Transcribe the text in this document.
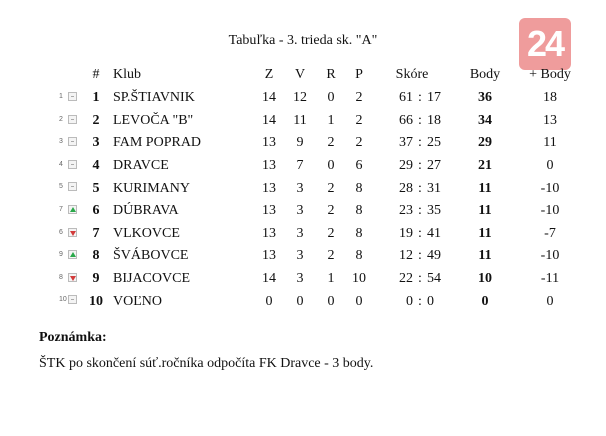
Tabuľka - 3. trieda sk. "A"	24
	#	Klub	Z	V	R	P	Skóre			Body	+ Body

1	1	SP.ŠTIAVNIK	14	12	0	2	61	:	17	36	18

2	2	LEVOČA "B"	14	11	1	2	66	:	18	34	13

3	3	FAM POPRAD	13	9	2	2	37	:	25	29	11

4	4	DRAVCE	13	7	0	6	29	:	27	21	0

5	5	KURIMANY	13	3	2	8	28	:	31	11	-10

7	6	DÚBRAVA	13	3	2	8	23	:	35	11	-10

6	7	VLKOVCE	13	3	2	8	19	:	41	11	-7

9	8	ŠVÁBOVCE	13	3	2	8	12	:	49	11	-10

8	9	BIJACOVCE	14	3	1	10	22	:	54	10	-11

10	10	VOĽNO	0	0	0	0	0	:	0	0	0
Poznámka:
ŠTK po skončení súť.ročníka odpočíta FK Dravce - 3 body.
